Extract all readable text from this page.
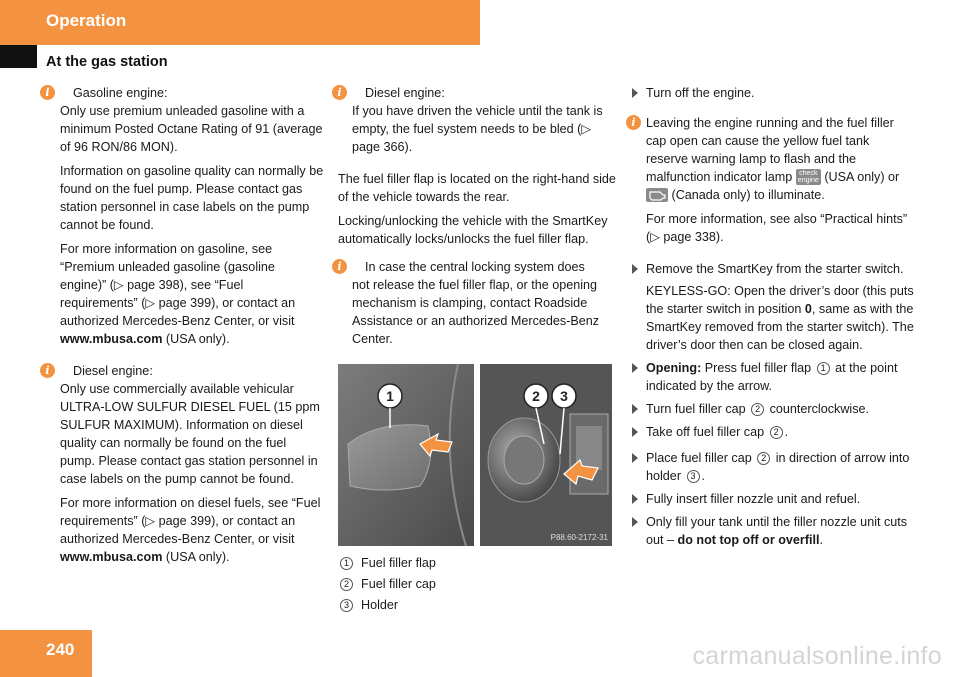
Operation
At the gas station
i	Gasoline engine:

Only use premium unleaded gasoline with a minimum Posted Octane Rating of 91 (average of 96 RON/86 MON).

Information on gasoline quality can normally be found on the fuel pump. Please contact gas station personnel in case labels on the pump cannot be found.

For more information on gasoline, see “Premium unleaded gasoline (gasoline engine)” (▷ page 398), see “Fuel requirements” (▷ page 399), or contact an authorized Mercedes-Benz Center, or visit www.mbusa.com (USA only).

i	Diesel engine:

Only use commercially available vehicular ULTRA-LOW SULFUR DIESEL FUEL (15 ppm SULFUR MAXIMUM). Information on diesel quality can normally be found on the fuel pump. Please contact gas station personnel in case labels on the pump cannot be found.

For more information on diesel fuels, see “Fuel requirements” (▷ page 399), or contact an authorized Mercedes-Benz Center, or visit www.mbusa.com (USA only).

i	Diesel engine:

If you have driven the vehicle until the tank is empty, the fuel system needs to be bled (▷ page 366).

The fuel filler flap is located on the right-hand side of the vehicle towards the rear.

Locking/unlocking the vehicle with the SmartKey automatically locks/unlocks the fuel filler flap.

i	In case the central locking system does

not release the fuel filler flap, or the opening mechanism is clamping, contact Roadside Assistance or an authorized Mercedes-Benz Center.

1	2 3
P88.60-2172-31
1 Fuel filler flap
2 Fuel filler cap
3 Holder
Turn off the engine.
i Leaving the engine running and the fuel filler cap open can cause the yellow fuel tank reserve warning lamp to flash and the malfunction indicator lamp check
engine (USA only) or  (Canada only) to illuminate.

For more information, see also “Practical hints” (▷ page 338).

Remove the SmartKey from the starter switch.
KEYLESS-GO: Open the driver’s door (this puts the starter switch in position 0, same as with the SmartKey removed from the starter switch). The driver’s door then can be closed again.
Opening: Press fuel filler flap 1 at the point indicated by the arrow.
Turn fuel filler cap 2 counterclockwise.
Take off fuel filler cap 2 .
Place fuel filler cap 2 in direction of arrow into holder 3 .
Fully insert filler nozzle unit and refuel.
Only fill your tank until the filler nozzle unit cuts out – do not top off or overfill.
240	carmanualsonline.info
